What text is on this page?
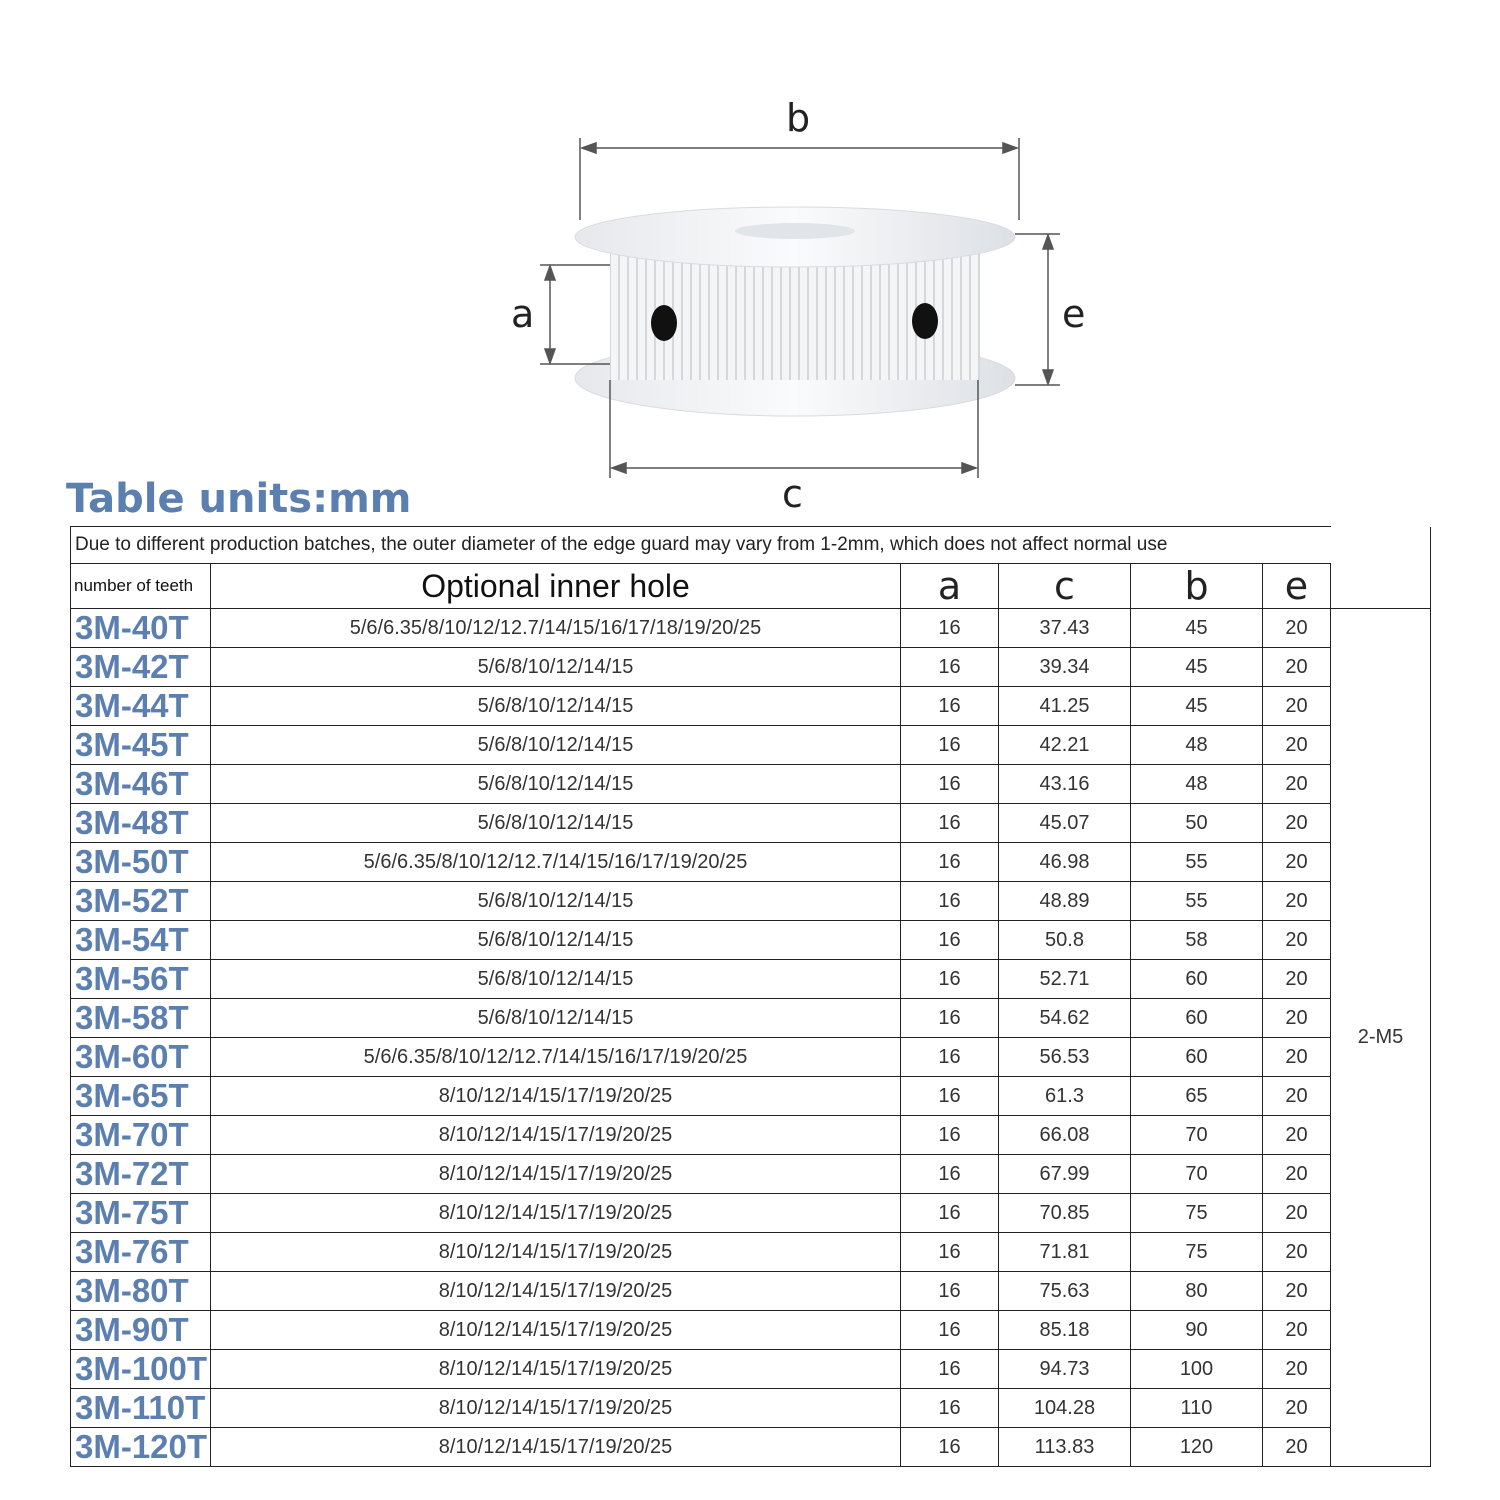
b
a	e
c
Table units:mm
Due to different production batches, the outer diameter of the edge guard may vary from 1-2mm, which does not affect normal use						
number of teeth	Optional inner hole	a	c	b	e	
3M-40T	5/6/6.35/8/10/12/12.7/14/15/16/17/18/19/20/25	16	37.43	45	20	2-M5
3M-42T	5/6/8/10/12/14/15	16	39.34	45	20	
3M-44T	5/6/8/10/12/14/15	16	41.25	45	20	
3M-45T	5/6/8/10/12/14/15	16	42.21	48	20	
3M-46T	5/6/8/10/12/14/15	16	43.16	48	20	
3M-48T	5/6/8/10/12/14/15	16	45.07	50	20	
3M-50T	5/6/6.35/8/10/12/12.7/14/15/16/17/19/20/25	16	46.98	55	20	
3M-52T	5/6/8/10/12/14/15	16	48.89	55	20	
3M-54T	5/6/8/10/12/14/15	16	50.8	58	20	
3M-56T	5/6/8/10/12/14/15	16	52.71	60	20	
3M-58T	5/6/8/10/12/14/15	16	54.62	60	20	
3M-60T	5/6/6.35/8/10/12/12.7/14/15/16/17/19/20/25	16	56.53	60	20	
3M-65T	8/10/12/14/15/17/19/20/25	16	61.3	65	20	
3M-70T	8/10/12/14/15/17/19/20/25	16	66.08	70	20	
3M-72T	8/10/12/14/15/17/19/20/25	16	67.99	70	20	
3M-75T	8/10/12/14/15/17/19/20/25	16	70.85	75	20	
3M-76T	8/10/12/14/15/17/19/20/25	16	71.81	75	20	
3M-80T	8/10/12/14/15/17/19/20/25	16	75.63	80	20	
3M-90T	8/10/12/14/15/17/19/20/25	16	85.18	90	20	
3M-100T	8/10/12/14/15/17/19/20/25	16	94.73	100	20	
3M-110T	8/10/12/14/15/17/19/20/25	16	104.28	110	20	
3M-120T	8/10/12/14/15/17/19/20/25	16	113.83	120	20	
